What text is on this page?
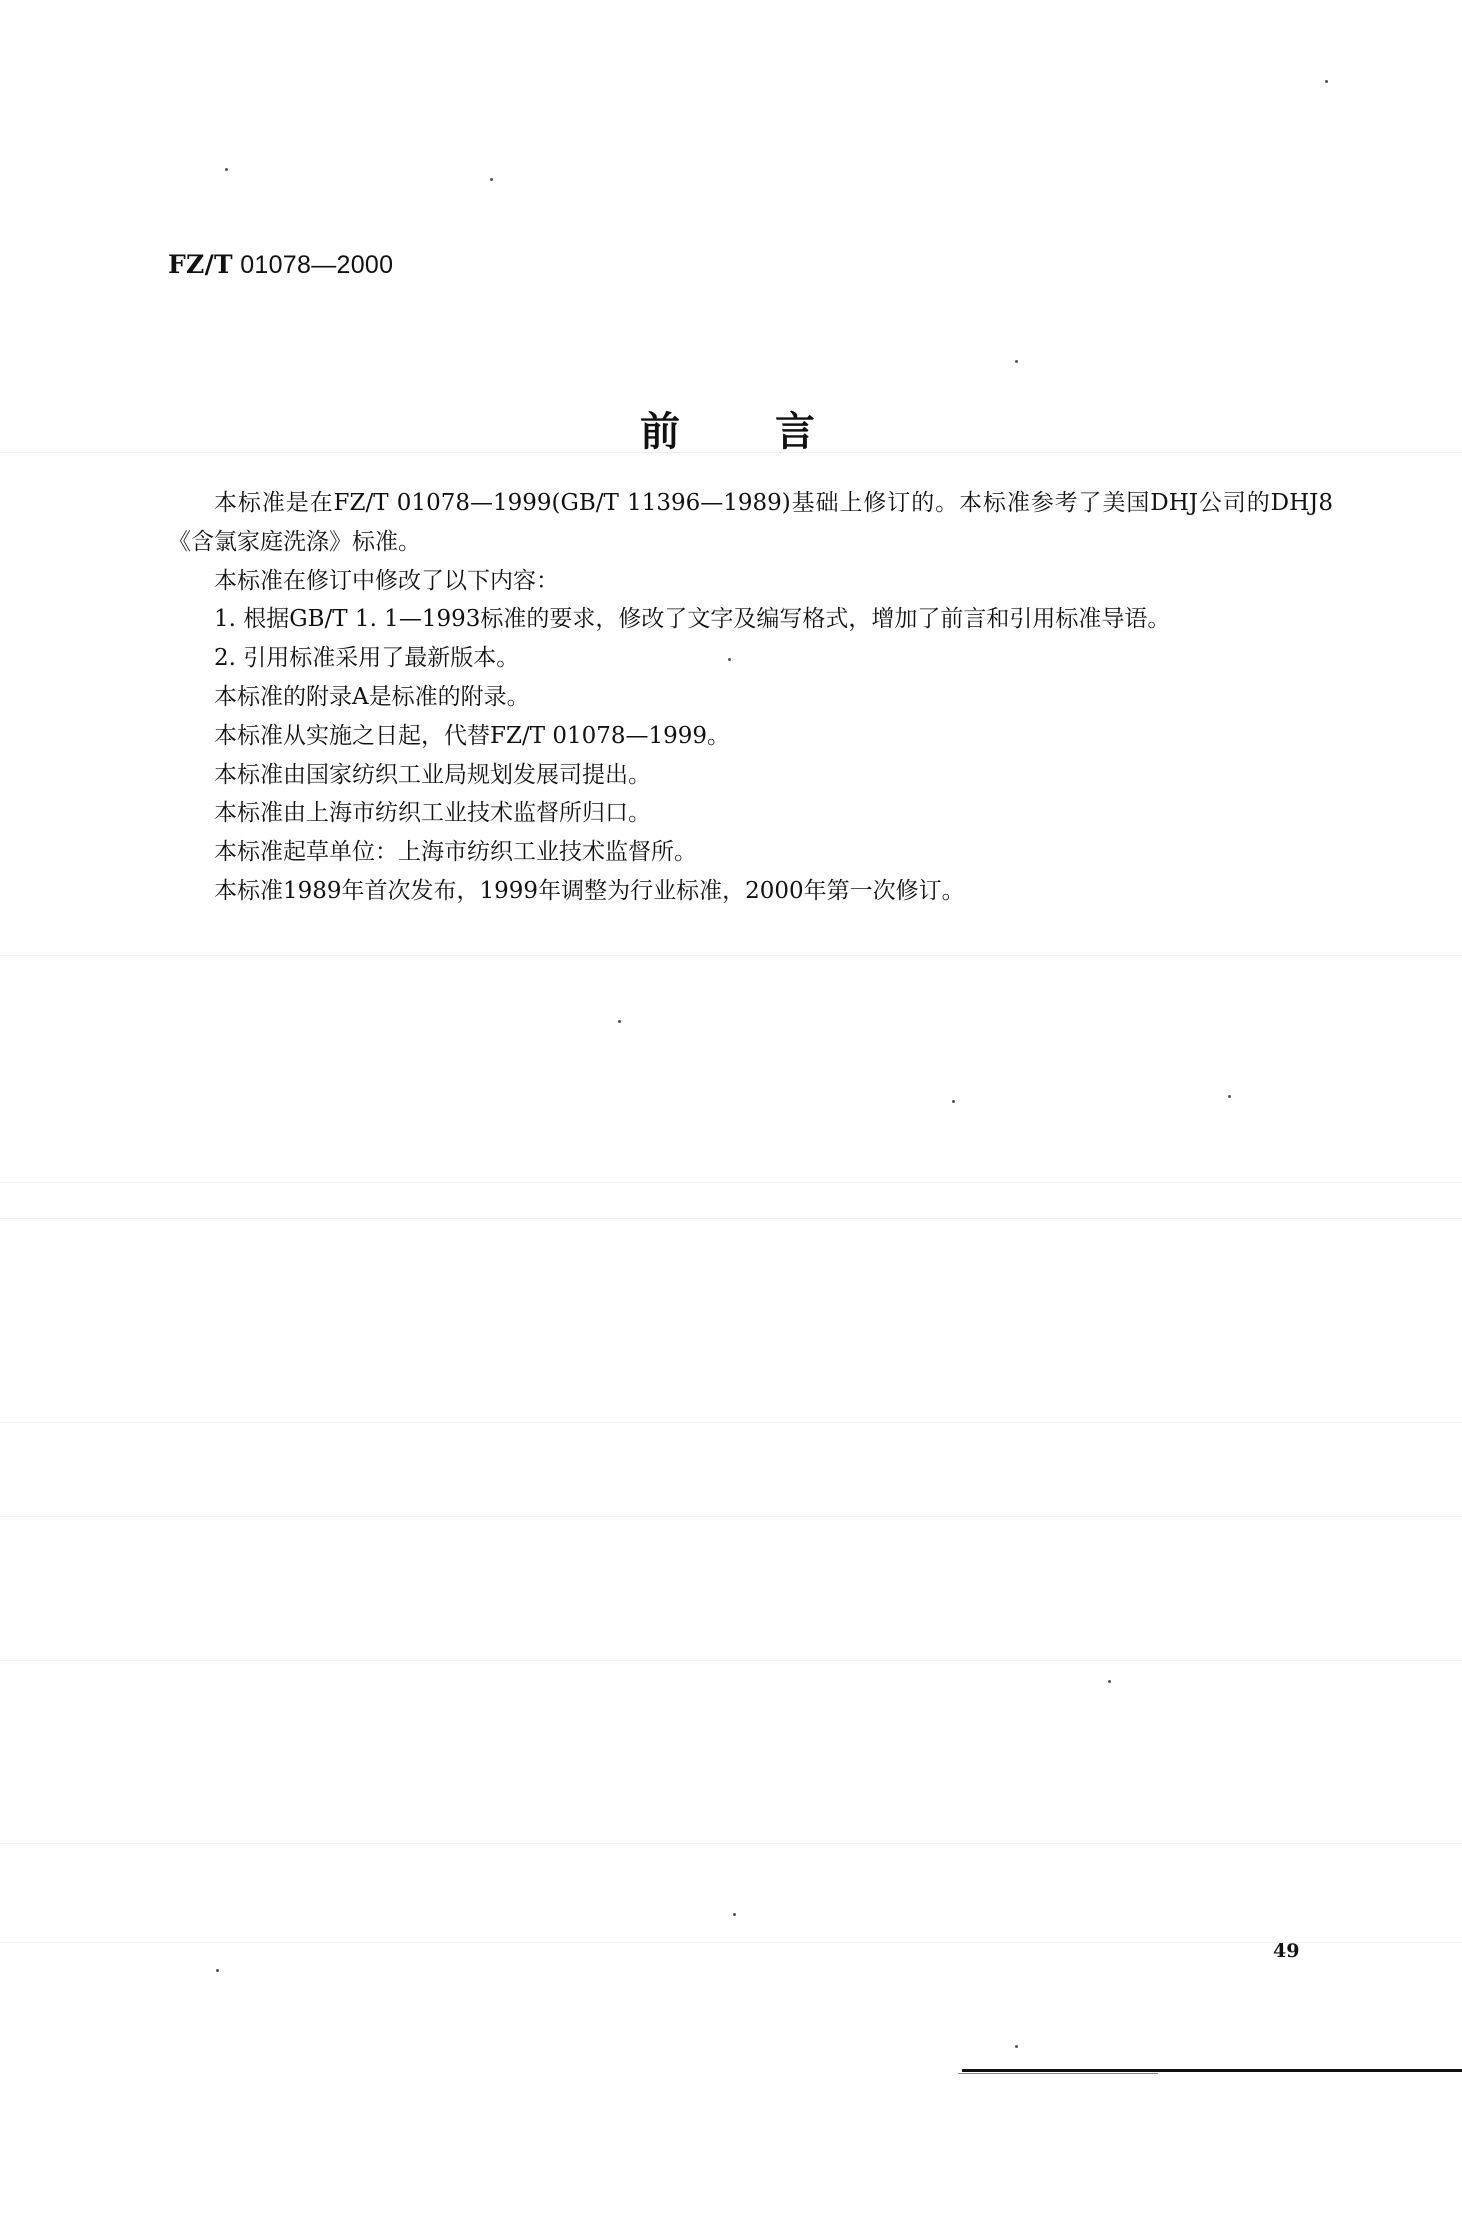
FZ/T 01078—2000
前言

本标准是在FZ/T 01078—1999(GB/T 11396—1989)基础上修订的。本标准参考了美国DHJ公司的DHJ8《含氯家庭洗涤》标准。

本标准在修订中修改了以下内容：

1. 根据GB/T 1. 1—1993标准的要求，修改了文字及编写格式，增加了前言和引用标准导语。

2. 引用标准采用了最新版本。

本标准的附录A是标准的附录。

本标准从实施之日起，代替FZ/T 01078—1999。

本标准由国家纺织工业局规划发展司提出。

本标准由上海市纺织工业技术监督所归口。

本标准起草单位：上海市纺织工业技术监督所。

本标准1989年首次发布，1999年调整为行业标准，2000年第一次修订。

49
